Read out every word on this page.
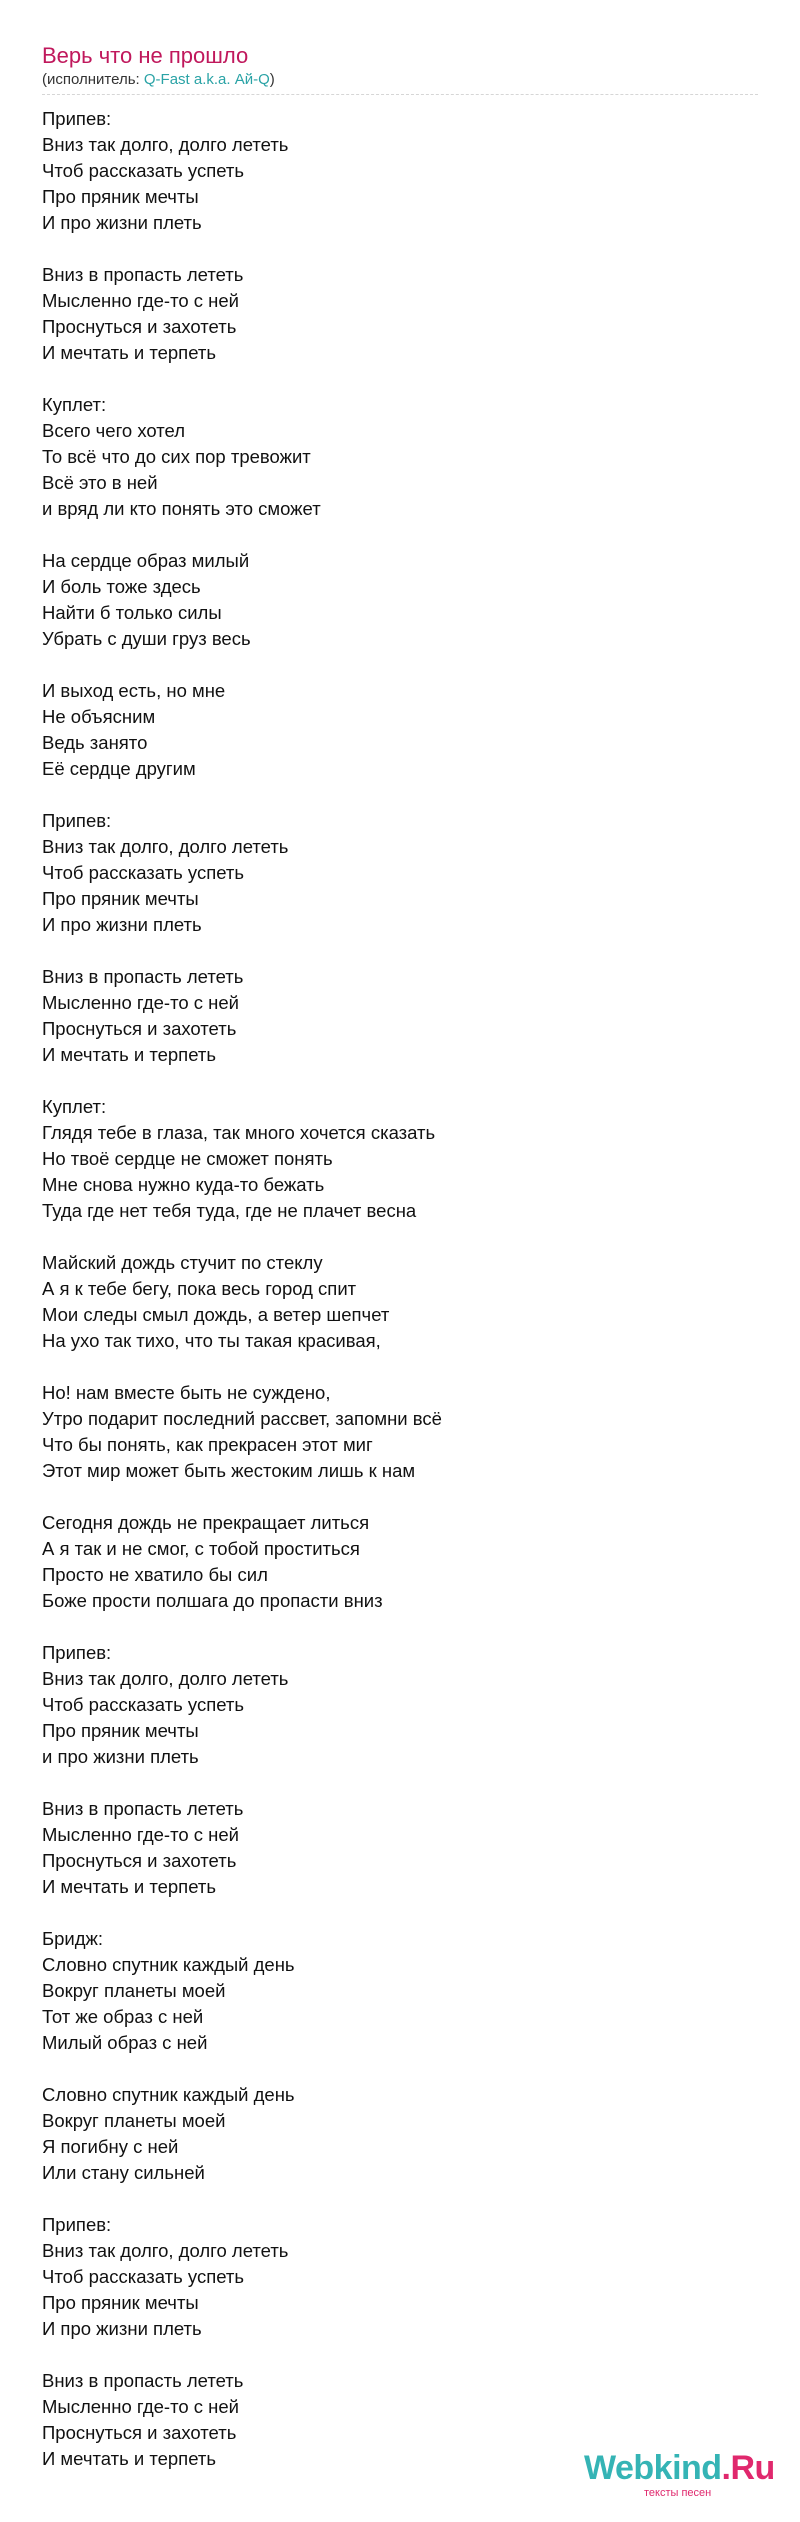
Верь что не прошло
(исполнитель: Q-Fast a.k.a. Ай-Q)
Припев:
Вниз так долго, долго лететь
Чтоб рассказать успеть
Про пряник мечты
И про жизни плеть
Вниз в пропасть лететь
Мысленно где-то с ней
Проснуться и захотеть
И мечтать и терпеть
Куплет:
Всего чего хотел
То всё что до сих пор тревожит
Всё это в ней
и вряд ли кто понять это сможет
На сердце образ милый
И боль тоже здесь
Найти б только силы
Убрать с души груз весь
И выход есть, но мне
Не объясним
Ведь занято
Её сердце другим
Припев:
Вниз так долго, долго лететь
Чтоб рассказать успеть
Про пряник мечты
И про жизни плеть
Вниз в пропасть лететь
Мысленно где-то с ней
Проснуться и захотеть
И мечтать и терпеть
Куплет:
Глядя тебе в глаза, так много хочется сказать
Но твоё сердце не сможет понять
Мне снова нужно куда-то бежать
Туда где нет тебя туда, где не плачет весна
Майский дождь стучит по стеклу
А я к тебе бегу, пока весь город спит
Мои следы смыл дождь, а ветер шепчет
На ухо так тихо, что ты такая красивая,
Но! нам вместе быть не суждено,
Утро подарит последний рассвет, запомни всё
Что бы понять, как прекрасен этот миг
Этот мир может быть жестоким лишь к нам
Сегодня дождь не прекращает литься
А я так и не смог, с тобой проститься
Просто не хватило бы сил
Боже прости полшага до пропасти вниз
Припев:
Вниз так долго, долго лететь
Чтоб рассказать успеть
Про пряник мечты
и про жизни плеть
Вниз в пропасть лететь
Мысленно где-то с ней
Проснуться и захотеть
И мечтать и терпеть
Бридж:
Словно спутник каждый день
Вокруг планеты моей
Тот же образ с ней
Милый образ с ней
Словно спутник каждый день
Вокруг планеты моей
Я погибну с ней
Или стану сильней
Припев:
Вниз так долго, долго лететь
Чтоб рассказать успеть
Про пряник мечты
И про жизни плеть
Вниз в пропасть лететь
Мысленно где-то с ней
Проснуться и захотеть
И мечтать и терпеть	Webkind.Ru
тексты песен
